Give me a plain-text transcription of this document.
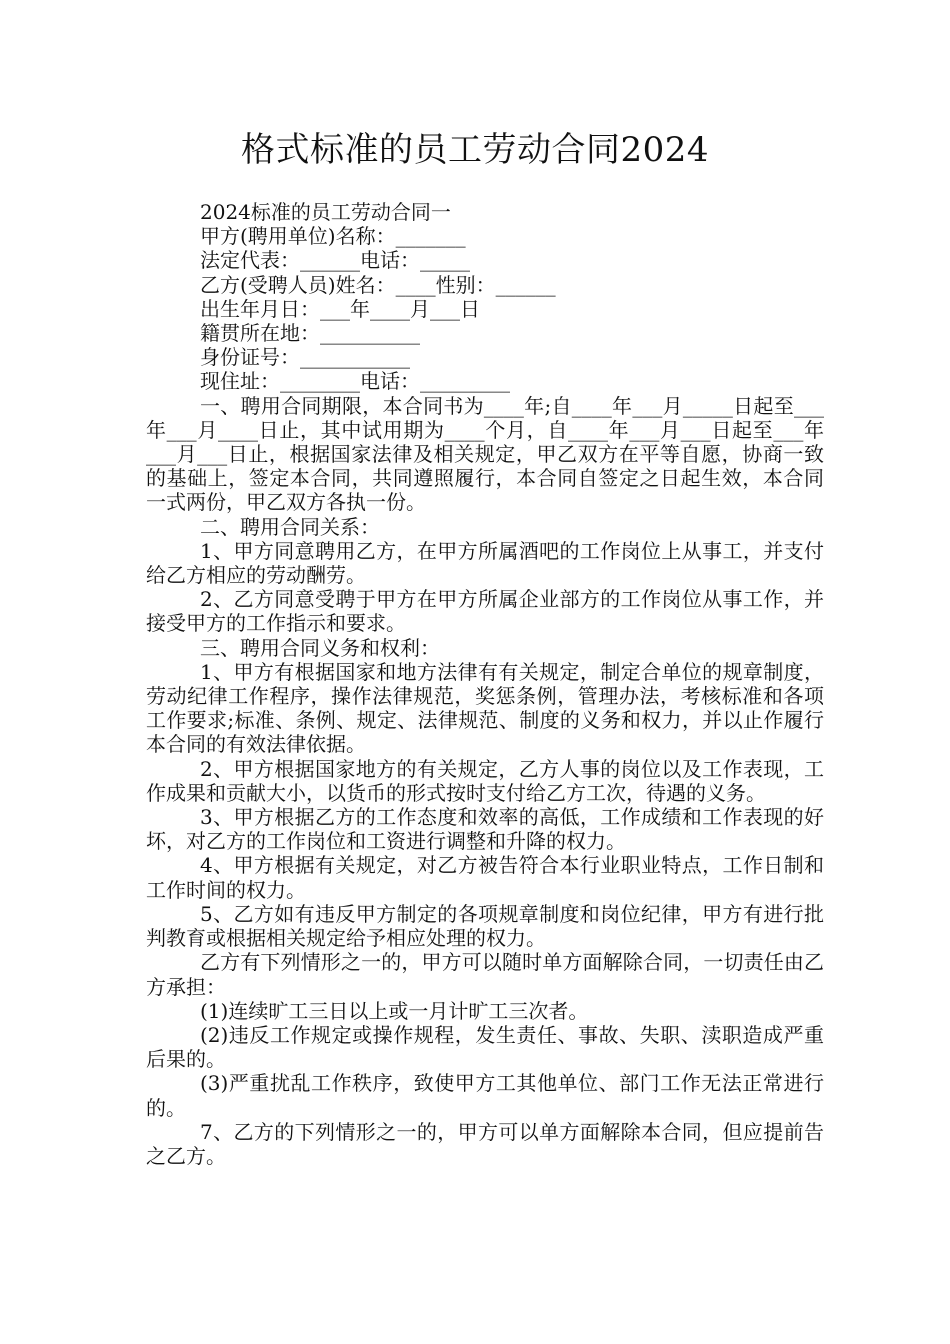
格式标准的员工劳动合同2024
2024标准的员工劳动合同一
甲方(聘用单位)名称：_______
法定代表：______电话：_____
乙方(受聘人员)姓名：____性别：______
出生年月日：___年____月___日
籍贯所在地：__________
身份证号：___________
现住址：________电话：_________
一、聘用合同期限，本合同书为____年;自____年___月_____日起至___年___月____日止，其中试用期为____个月，自____年___月___日起至___年___月___日止，根据国家法律及相关规定，甲乙双方在平等自愿，协商一致的基础上，签定本合同，共同遵照履行，本合同自签定之日起生效，本合同一式两份，甲乙双方各执一份。
二、聘用合同关系：
1、甲方同意聘用乙方，在甲方所属酒吧的工作岗位上从事工，并支付给乙方相应的劳动酬劳。
2、乙方同意受聘于甲方在甲方所属企业部方的工作岗位从事工作，并接受甲方的工作指示和要求。
三、聘用合同义务和权利：
1、甲方有根据国家和地方法律有有关规定，制定合单位的规章制度，劳动纪律工作程序，操作法律规范，奖惩条例，管理办法，考核标准和各项工作要求;标准、条例、规定、法律规范、制度的义务和权力，并以止作履行本合同的有效法律依据。
2、甲方根据国家地方的有关规定，乙方人事的岗位以及工作表现，工作成果和贡献大小，以货币的形式按时支付给乙方工次，待遇的义务。
3、甲方根据乙方的工作态度和效率的高低，工作成绩和工作表现的好坏，对乙方的工作岗位和工资进行调整和升降的权力。
4、甲方根据有关规定，对乙方被告符合本行业职业特点，工作日制和工作时间的权力。
5、乙方如有违反甲方制定的各项规章制度和岗位纪律，甲方有进行批判教育或根据相关规定给予相应处理的权力。
乙方有下列情形之一的，甲方可以随时单方面解除合同，一切责任由乙方承担：
(1)连续旷工三日以上或一月计旷工三次者。
(2)违反工作规定或操作规程，发生责任、事故、失职、渎职造成严重后果的。
(3)严重扰乱工作秩序，致使甲方工其他单位、部门工作无法正常进行的。
7、乙方的下列情形之一的，甲方可以单方面解除本合同，但应提前告之乙方。
